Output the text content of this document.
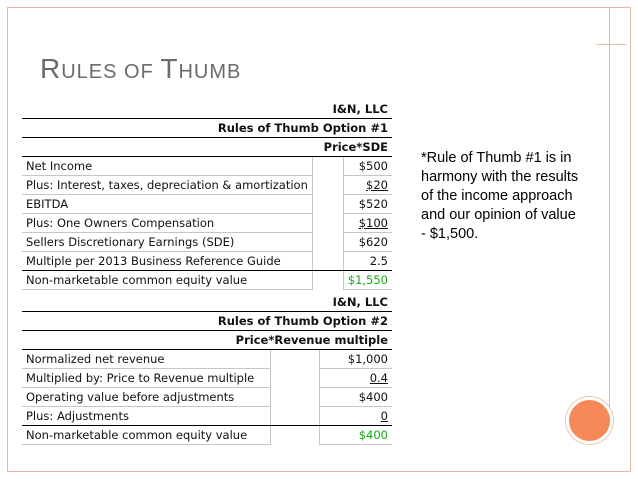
RULES OF THUMB
I&N, LLC		
Rules of Thumb Option #1		
Price*SDE		
Net Income		$500
Plus: Interest, taxes, depreciation & amortization		$20
EBITDA		$520
Plus: One Owners Compensation		$100
Sellers Discretionary Earnings (SDE)		$620
Multiple per 2013 Business Reference Guide		2.5
Non-marketable common equity value		$1,550
I&N, LLC		
Rules of Thumb Option #2		
Price*Revenue multiple		
Normalized net revenue		$1,000
Multiplied by: Price to Revenue multiple		0.4
Operating value before adjustments		$400
Plus: Adjustments		0
Non-marketable common equity value		$400
*Rule of Thumb #1 is in harmony with the results of the income approach and our opinion of value - $1,500.
